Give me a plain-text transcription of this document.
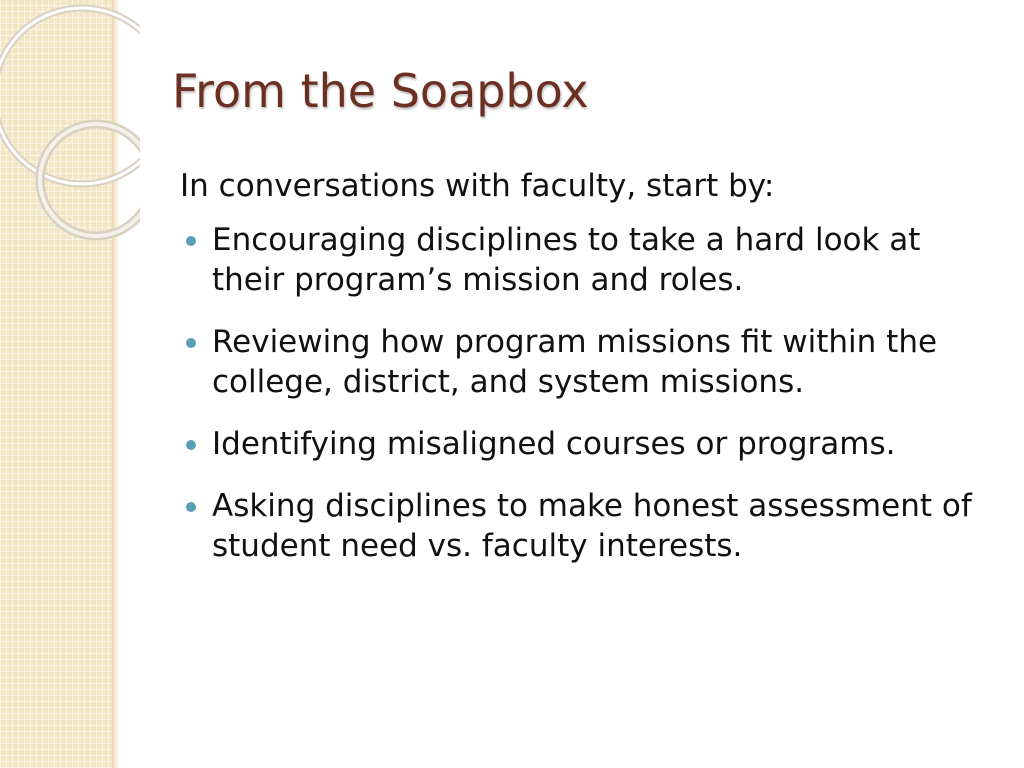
From the Soapbox

In conversations with faculty, start by:

Encouraging disciplines to take a hard look at their program’s mission and roles.
Reviewing how program missions fit within the college, district, and system missions.
Identifying misaligned courses or programs.
Asking disciplines to make honest assessment of student need vs. faculty interests.
